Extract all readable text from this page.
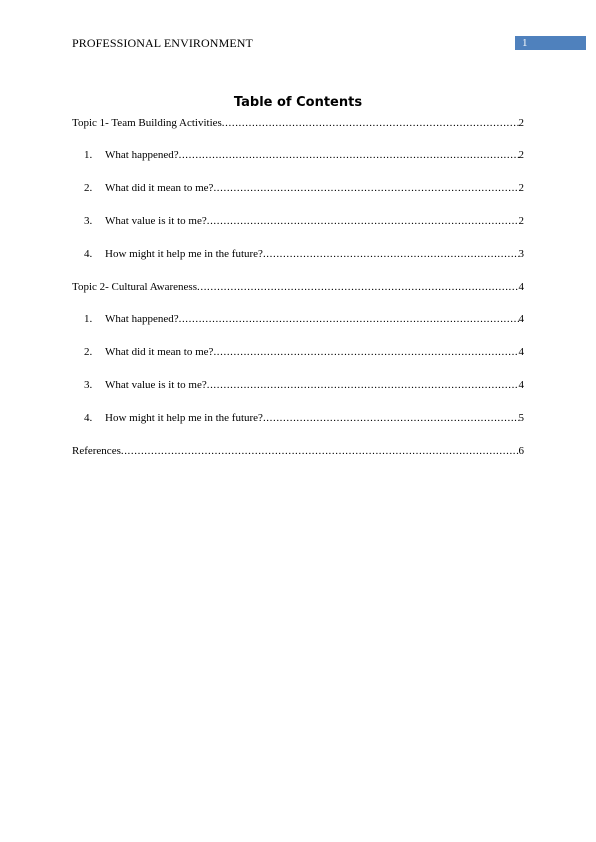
PROFESSIONAL ENVIRONMENT	1
Table of Contents
Topic 1- Team Building Activities .....	2
1.	What happened? .....	2
2.	What did it mean to me? .....	2
3.	What value is it to me? .....	2
4.	How might it help me in the future? .....	3
Topic 2- Cultural Awareness .....	4
1.	What happened? .....	4
2.	What did it mean to me? .....	4
3.	What value is it to me? .....	4
4.	How might it help me in the future? .....	5
References .....	6
